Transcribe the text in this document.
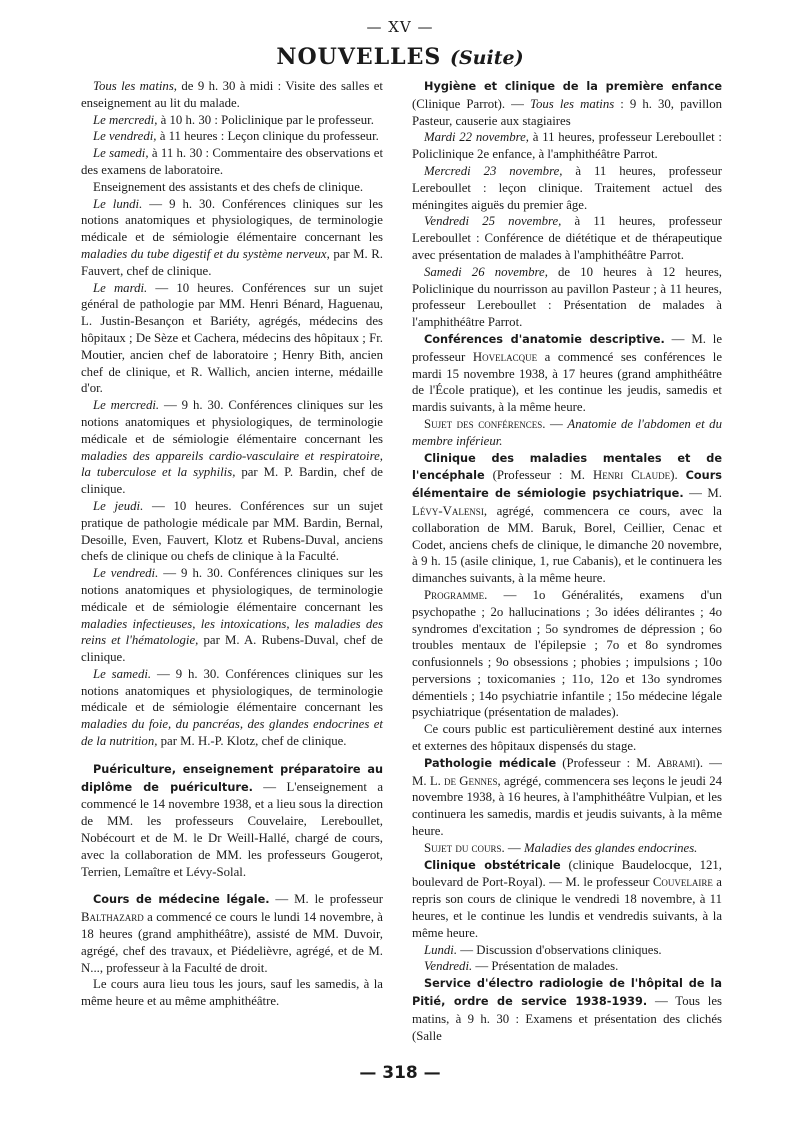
— XV —
NOUVELLES (Suite)

Tous les matins, de 9 h. 30 à midi : Visite des salles et enseignement au lit du malade.

Le mercredi, à 10 h. 30 : Policlinique par le professeur.

Le vendredi, à 11 heures : Leçon clinique du professeur.

Le samedi, à 11 h. 30 : Commentaire des observations et des examens de laboratoire.

Enseignement des assistants et des chefs de clinique.

Le lundi. — 9 h. 30. Conférences cliniques sur les notions anatomiques et physiologiques, de terminologie médicale et de sémiologie élémentaire concernant les maladies du tube digestif et du système nerveux, par M. R. Fauvert, chef de clinique.

Le mardi. — 10 heures. Conférences sur un sujet général de pathologie par MM. Henri Bénard, Haguenau, L. Justin-Besançon et Bariéty, agrégés, médecins des hôpitaux ; De Sèze et Cachera, médecins des hôpitaux ; Fr. Moutier, ancien chef de laboratoire ; Henry Bith, ancien chef de clinique, et R. Wallich, ancien interne, médaille d'or.

Le mercredi. — 9 h. 30. Conférences cliniques sur les notions anatomiques et physiologiques, de terminologie médicale et de sémiologie élémentaire concernant les maladies des appareils cardio-vasculaire et respiratoire, la tuberculose et la syphilis, par M. P. Bardin, chef de clinique.

Le jeudi. — 10 heures. Conférences sur un sujet pratique de pathologie médicale par MM. Bardin, Bernal, Desoille, Even, Fauvert, Klotz et Rubens-Duval, anciens chefs de clinique ou chefs de clinique à la Faculté.

Le vendredi. — 9 h. 30. Conférences cliniques sur les notions anatomiques et physiologiques, de terminologie médicale et de sémiologie élémentaire concernant les maladies infectieuses, les intoxications, les maladies des reins et l'hématologie, par M. A. Rubens-Duval, chef de clinique.

Le samedi. — 9 h. 30. Conférences cliniques sur les notions anatomiques et physiologiques, de terminologie médicale et de sémiologie élémentaire concernant les maladies du foie, du pancréas, des glandes endocrines et de la nutrition, par M. H.-P. Klotz, chef de clinique.

Puériculture, enseignement préparatoire au diplôme de puériculture. — L'enseignement a commencé le 14 novembre 1938, et a lieu sous la direction de MM. les professeurs Couvelaire, Lereboullet, Nobécourt et de M. le Dr Weill-Hallé, chargé de cours, avec la collaboration de MM. les professeurs Gougerot, Terrien, Lemaître et Lévy-Solal.

Cours de médecine légale. — M. le professeur Balthazard a commencé ce cours le lundi 14 novembre, à 18 heures (grand amphithéâtre), assisté de MM. Duvoir, agrégé, chef des travaux, et Piédelièvre, agrégé, et de M. N..., professeur à la Faculté de droit.

Le cours aura lieu tous les jours, sauf les samedis, à la même heure et au même amphithéâtre.

Hygiène et clinique de la première enfance (Clinique Parrot). — Tous les matins : 9 h. 30, pavillon Pasteur, causerie aux stagiaires

Mardi 22 novembre, à 11 heures, professeur Lereboullet : Policlinique 2e enfance, à l'amphithéâtre Parrot.

Mercredi 23 novembre, à 11 heures, professeur Lereboullet : leçon clinique. Traitement actuel des méningites aiguës du premier âge.

Vendredi 25 novembre, à 11 heures, professeur Lereboullet : Conférence de diététique et de thérapeutique avec présentation de malades à l'amphithéâtre Parrot.

Samedi 26 novembre, de 10 heures à 12 heures, Policlinique du nourrisson au pavillon Pasteur ; à 11 heures, professeur Lereboullet : Présentation de malades à l'amphithéâtre Parrot.

Conférences d'anatomie descriptive. — M. le professeur Hovelacque a commencé ses conférences le mardi 15 novembre 1938, à 17 heures (grand amphithéâtre de l'École pratique), et les continue les jeudis, samedis et mardis suivants, à la même heure.

Sujet des conférences. — Anatomie de l'abdomen et du membre inférieur.

Clinique des maladies mentales et de l'encéphale (Professeur : M. Henri Claude). Cours élémentaire de sémiologie psychiatrique. — M. Lévy-Valensi, agrégé, commencera ce cours, avec la collaboration de MM. Baruk, Borel, Ceillier, Cenac et Codet, anciens chefs de clinique, le dimanche 20 novembre, à 9 h. 15 (asile clinique, 1, rue Cabanis), et le continuera les dimanches suivants, à la même heure.

Programme. — 1o Généralités, examens d'un psychopathe ; 2o hallucinations ; 3o idées délirantes ; 4o syndromes d'excitation ; 5o syndromes de dépression ; 6o troubles mentaux de l'épilepsie ; 7o et 8o syndromes confusionnels ; 9o obsessions ; phobies ; impulsions ; 10o perversions ; toxicomanies ; 11o, 12o et 13o syndromes démentiels ; 14o psychiatrie infantile ; 15o médecine légale psychiatrique (présentation de malades).

Ce cours public est particulièrement destiné aux internes et externes des hôpitaux dispensés du stage.

Pathologie médicale (Professeur : M. Abrami). — M. L. de Gennes, agrégé, commencera ses leçons le jeudi 24 novembre 1938, à 16 heures, à l'amphithéâtre Vulpian, et les continuera les samedis, mardis et jeudis suivants, à la même heure.

Sujet du cours. — Maladies des glandes endocrines.

Clinique obstétricale (clinique Baudelocque, 121, boulevard de Port-Royal). — M. le professeur Couvelaire a repris son cours de clinique le vendredi 18 novembre, à 11 heures, et le continue les lundis et vendredis suivants, à la même heure.

Lundi. — Discussion d'observations cliniques.

Vendredi. — Présentation de malades.

Service d'électro radiologie de l'hôpital de la Pitié, ordre de service 1938-1939. — Tous les matins, à 9 h. 30 : Examens et présentation des clichés (Salle

— 318 —
